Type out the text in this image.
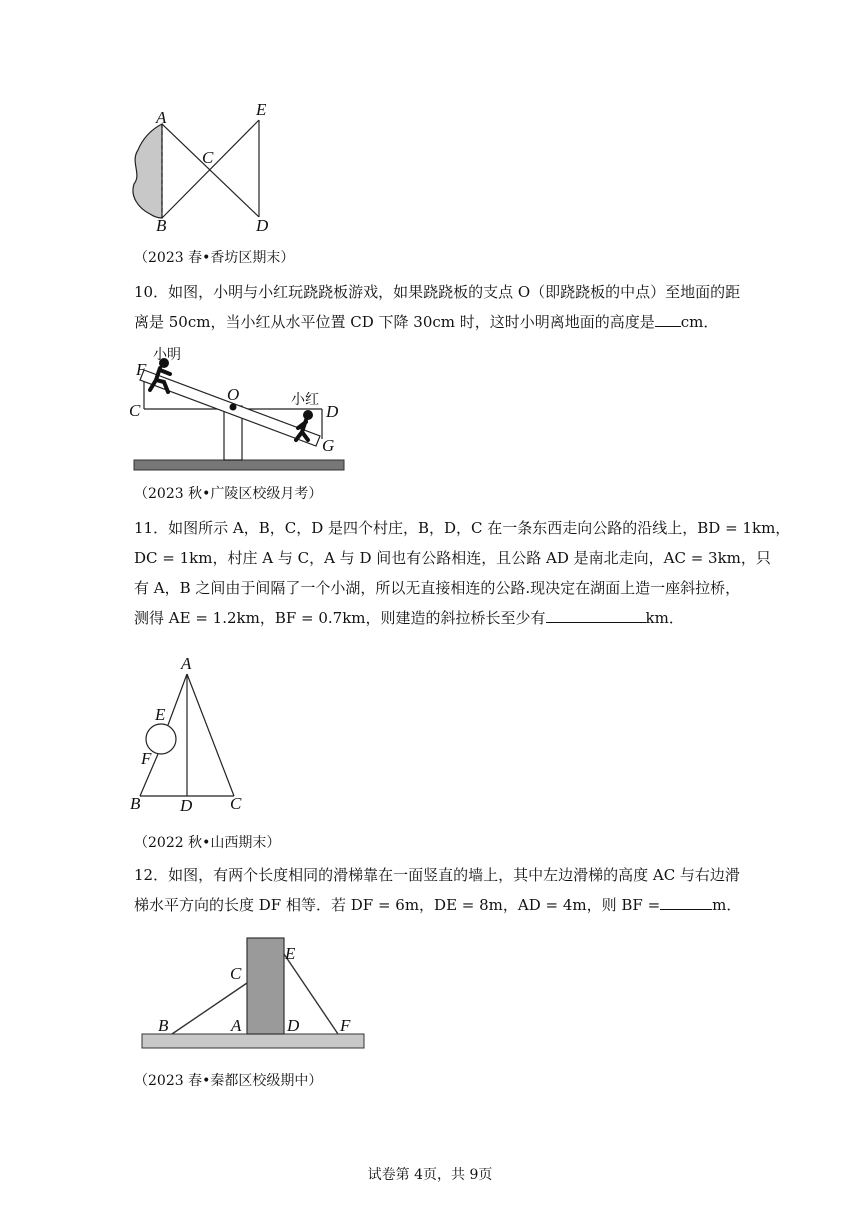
A	E
C
B	D
（2023 春•香坊区期末）
10．如图，小明与小红玩跷跷板游戏，如果跷跷板的支点 O（即跷跷板的中点）至地面的距
离是 50cm，当小红从水平位置 CD 下降 30cm 时，这时小明离地面的高度是 cm．
F
C
O
D
G
小明
小红
（2023 秋•广陵区校级月考）
11．如图所示 A，B，C，D 是四个村庄，B，D，C 在一条东西走向公路的沿线上，BD = 1km，
DC = 1km，村庄 A 与 C，A 与 D 间也有公路相连，且公路 AD 是南北走向，AC = 3km，只
有 A，B 之间由于间隔了一个小湖，所以无直接相连的公路.现决定在湖面上造一座斜拉桥，
测得 AE = 1.2km，BF = 0.7km，则建造的斜拉桥长至少有	km．
A
E
F
B D C
（2022 秋•山西期末）
12．如图，有两个长度相同的滑梯靠在一面竖直的墙上，其中左边滑梯的高度 AC 与右边滑
梯水平方向的长度 DF 相等．若 DF = 6m，DE = 8m，AD = 4m，则 BF =	m．
C
E
B	A	D F
（2023 春•秦都区校级期中）
试卷第 4页，共 9页
